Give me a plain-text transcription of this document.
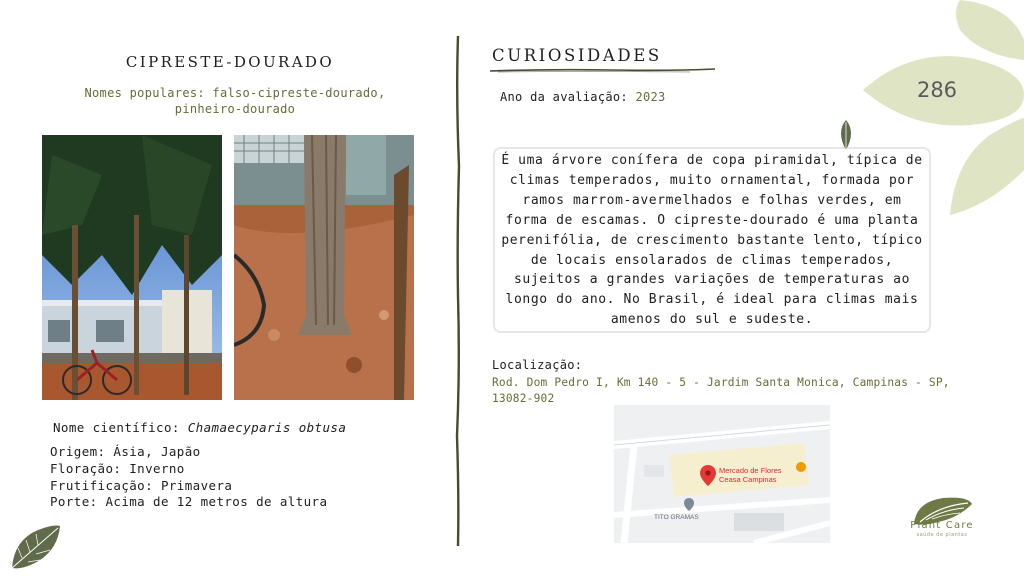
CIPRESTE-DOURADO
Nomes populares: falso-cipreste-dourado, pinheiro-dourado
Nome científico: Chamaecyparis obtusa
Origem: Ásia, Japão
Floração: Inverno
Frutificação: Primavera
Porte: Acima de 12 metros de altura
CURIOSIDADES
Ano da avaliação: 2023

É uma árvore conífera de copa piramidal, típica de climas temperados, muito ornamental, formada por ramos marrom-avermelhados e folhas verdes, em forma de escamas. O cipreste-dourado é uma planta perenifólia, de crescimento bastante lento, típico de locais ensolarados de climas temperados, sujeitos a grandes variações de temperaturas ao longo do ano. No Brasil, é ideal para climas mais amenos do sul e sudeste.

Localização:
Rod. Dom Pedro I, Km 140 - 5 - Jardim Santa Monica, Campinas - SP, 13082-902
Mercado de Flores
Ceasa Campinas
TITO GRAMAS
286
Plant Care
saúde de plantas
